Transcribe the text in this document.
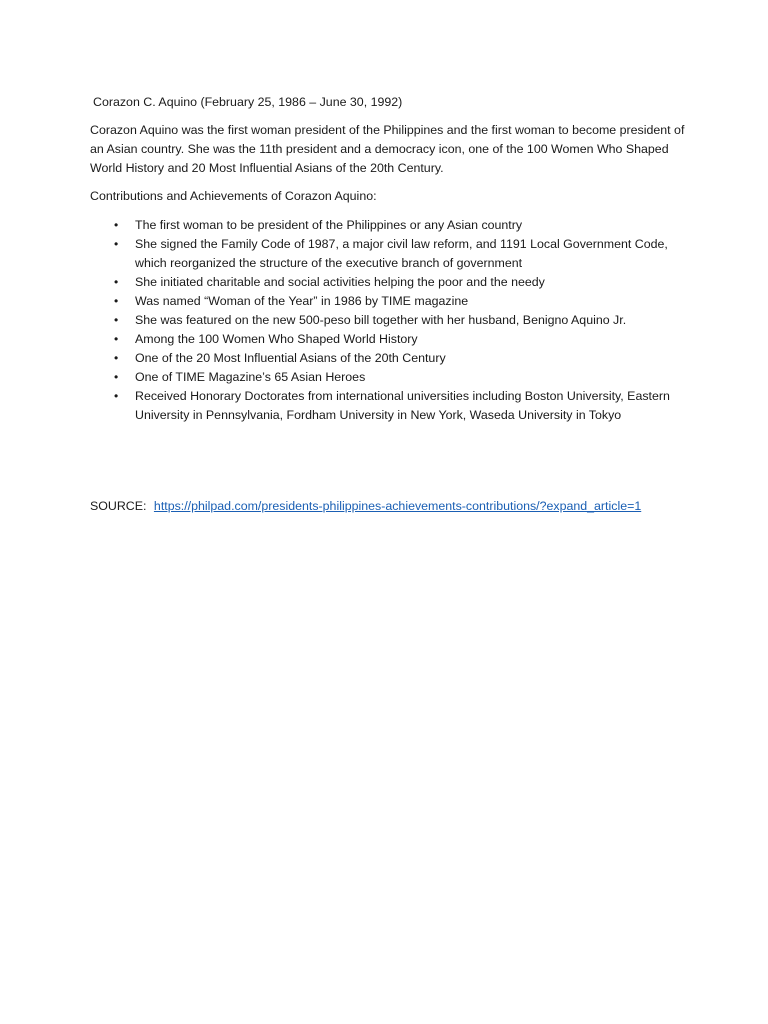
Corazon C. Aquino (February 25, 1986 – June 30, 1992)

Corazon Aquino was the first woman president of the Philippines and the first woman to become president of an Asian country. She was the 11th president and a democracy icon, one of the 100 Women Who Shaped World History and 20 Most Influential Asians of the 20th Century.

Contributions and Achievements of Corazon Aquino:

• The first woman to be president of the Philippines or any Asian country
• She signed the Family Code of 1987, a major civil law reform, and 1191 Local Government Code, which reorganized the structure of the executive branch of government
• She initiated charitable and social activities helping the poor and the needy
• Was named “Woman of the Year” in 1986 by TIME magazine
• She was featured on the new 500-peso bill together with her husband, Benigno Aquino Jr.
• Among the 100 Women Who Shaped World History
• One of the 20 Most Influential Asians of the 20th Century
• One of TIME Magazine’s 65 Asian Heroes
• Received Honorary Doctorates from international universities including Boston University, Eastern University in Pennsylvania, Fordham University in New York, Waseda University in Tokyo
SOURCE: https://philpad.com/presidents-philippines-achievements-contributions/?expand_article=1
